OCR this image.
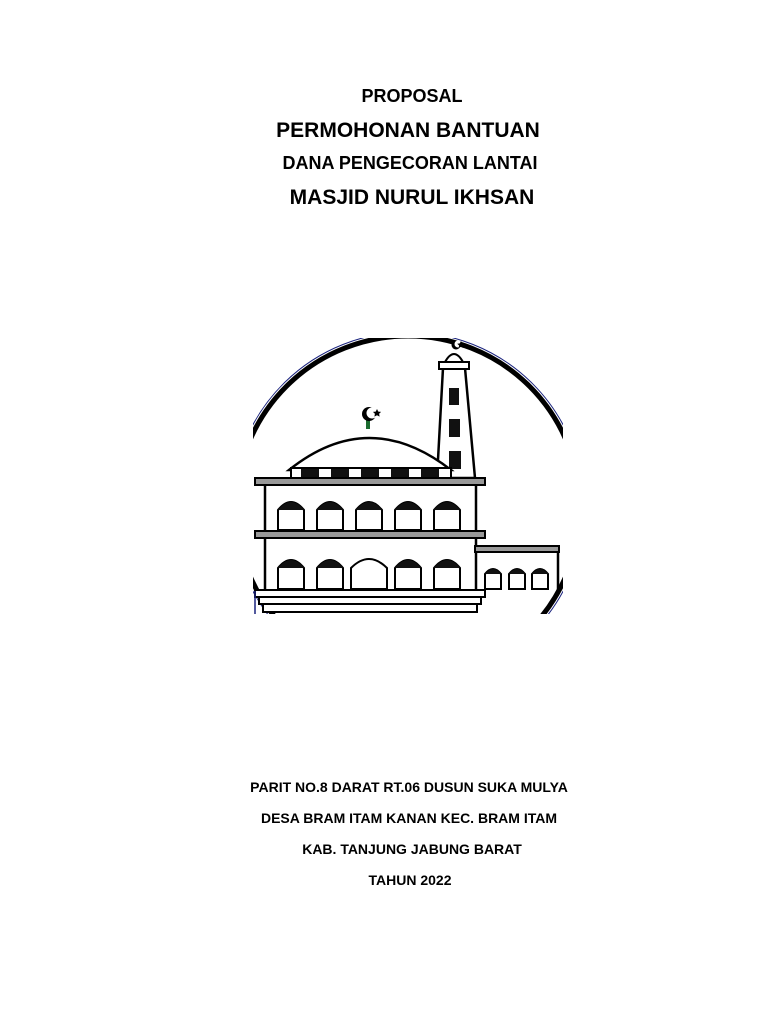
PROPOSAL
PERMOHONAN BANTUAN
DANA PENGECORAN LANTAI
MASJID NURUL IKHSAN
PARIT NO.8 DARAT RT.06 DUSUN SUKA MULYA
DESA BRAM ITAM KANAN KEC. BRAM ITAM
KAB. TANJUNG JABUNG BARAT
TAHUN 2022
